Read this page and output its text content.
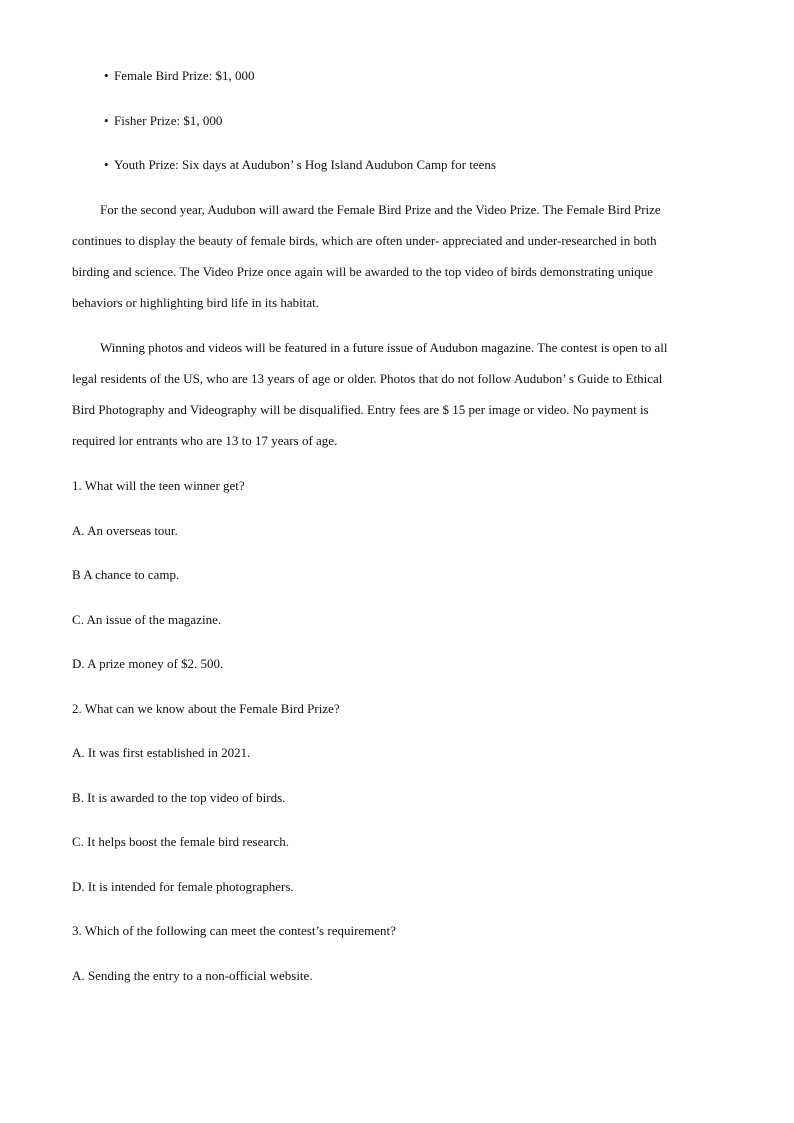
• Female Bird Prize: $1, 000
• Fisher Prize: $1, 000
• Youth Prize: Six days at Audubon’ s Hog Island Audubon Camp for teens
For the second year, Audubon will award the Female Bird Prize and the Video Prize. The Female Bird Prize
continues to display the beauty of female birds, which are often under- appreciated and under-researched in both
birding and science. The Video Prize once again will be awarded to the top video of birds demonstrating unique
behaviors or highlighting bird life in its habitat.
Winning photos and videos will be featured in a future issue of Audubon magazine. The contest is open to all
legal residents of the US, who are 13 years of age or older. Photos that do not follow Audubon’ s Guide to Ethical
Bird Photography and Videography will be disqualified. Entry fees are $ 15 per image or video. No payment is
required lor entrants who are 13 to 17 years of age.
1. What will the teen winner get?
A. An overseas tour.
B A chance to camp.
C. An issue of the magazine.
D. A prize money of $2. 500.
2. What can we know about the Female Bird Prize?
A. It was first established in 2021.
B. It is awarded to the top video of birds.
C. It helps boost the female bird research.
D. It is intended for female photographers.
3. Which of the following can meet the contest’s requirement?
A. Sending the entry to a non-official website.
